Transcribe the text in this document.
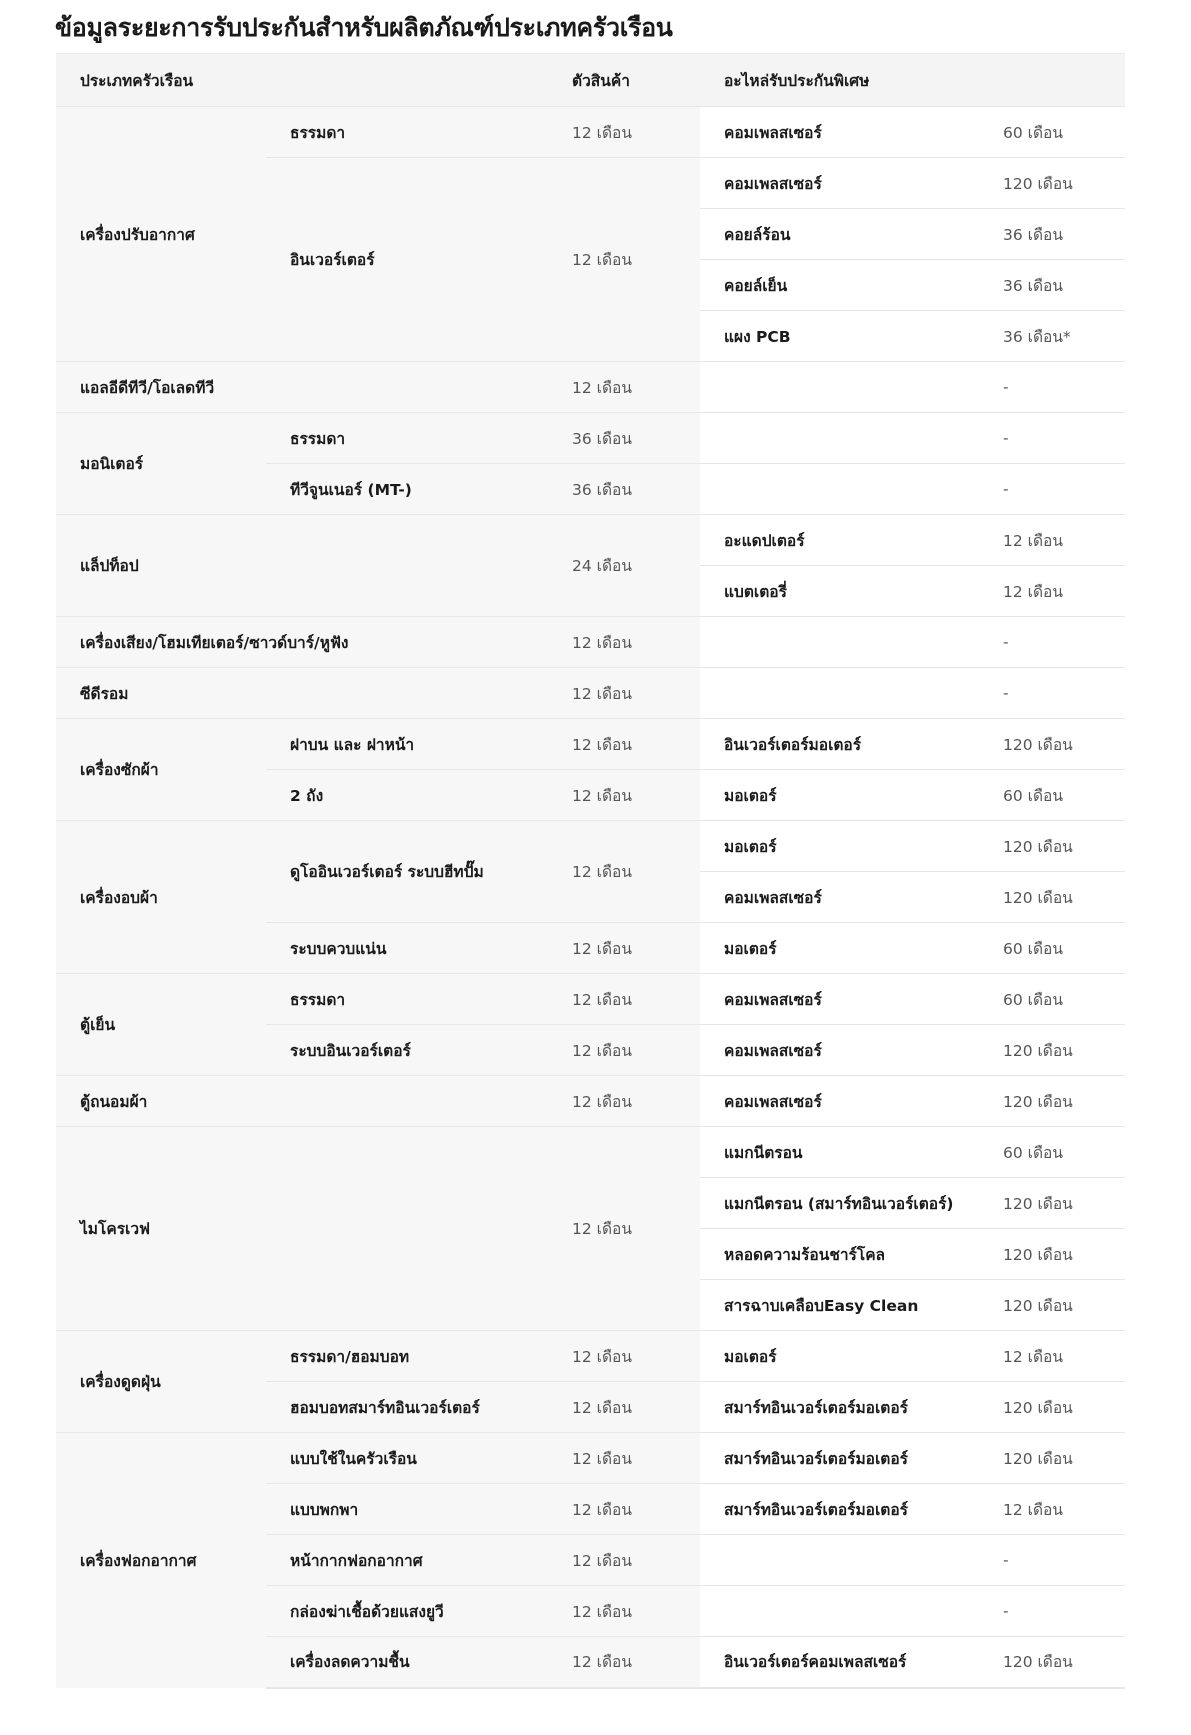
ข้อมูลระยะการรับประกันสำหรับผลิตภัณฑ์ประเภทครัวเรือน
ประเภทครัวเรือน		ตัวสินค้า	อะไหล่รับประกันพิเศษ	
เครื่องปรับอากาศ	ธรรมดา	12 เดือน	คอมเพลสเซอร์	60 เดือน
	อินเวอร์เตอร์	12 เดือน	คอมเพลสเซอร์	120 เดือน
			คอยล์ร้อน	36 เดือน
			คอยล์เย็น	36 เดือน
			แผง PCB	36 เดือน*
แอลอีดีทีวี/โอเลดทีวี		12 เดือน		-
มอนิเตอร์	ธรรมดา	36 เดือน		-
	ทีวีจูนเนอร์ (MT-)	36 เดือน		-
แล็ปท็อป		24 เดือน	อะแดปเตอร์	12 เดือน
			แบตเตอรี่	12 เดือน
เครื่องเสียง/โฮมเทียเตอร์/ซาวด์บาร์/หูฟัง		12 เดือน		-
ซีดีรอม		12 เดือน		-
เครื่องซักผ้า	ฝาบน และ ฝาหน้า	12 เดือน	อินเวอร์เตอร์มอเตอร์	120 เดือน
	2 ถัง	12 เดือน	มอเตอร์	60 เดือน
เครื่องอบผ้า	ดูโออินเวอร์เตอร์ ระบบฮีทปั๊ม	12 เดือน	มอเตอร์	120 เดือน
			คอมเพลสเซอร์	120 เดือน
	ระบบควบแน่น	12 เดือน	มอเตอร์	60 เดือน
ตู้เย็น	ธรรมดา	12 เดือน	คอมเพลสเซอร์	60 เดือน
	ระบบอินเวอร์เตอร์	12 เดือน	คอมเพลสเซอร์	120 เดือน
ตู้ถนอมผ้า		12 เดือน	คอมเพลสเซอร์	120 เดือน
ไมโครเวฟ		12 เดือน	แมกนีตรอน	60 เดือน
			แมกนีตรอน (สมาร์ทอินเวอร์เตอร์)	120 เดือน
			หลอดความร้อนชาร์โคล	120 เดือน
			สารฉาบเคลือบEasy Clean	120 เดือน
เครื่องดูดฝุ่น	ธรรมดา/ฮอมบอท	12 เดือน	มอเตอร์	12 เดือน
	ฮอมบอทสมาร์ทอินเวอร์เตอร์	12 เดือน	สมาร์ทอินเวอร์เตอร์มอเตอร์	120 เดือน
เครื่องฟอกอากาศ	แบบใช้ในครัวเรือน	12 เดือน	สมาร์ทอินเวอร์เตอร์มอเตอร์	120 เดือน
	แบบพกพา	12 เดือน	สมาร์ทอินเวอร์เตอร์มอเตอร์	12 เดือน
	หน้ากากฟอกอากาศ	12 เดือน		-
	กล่องฆ่าเชื้อด้วยแสงยูวี	12 เดือน		-
	เครื่องลดความชื้น	12 เดือน	อินเวอร์เตอร์คอมเพลสเซอร์	120 เดือน
